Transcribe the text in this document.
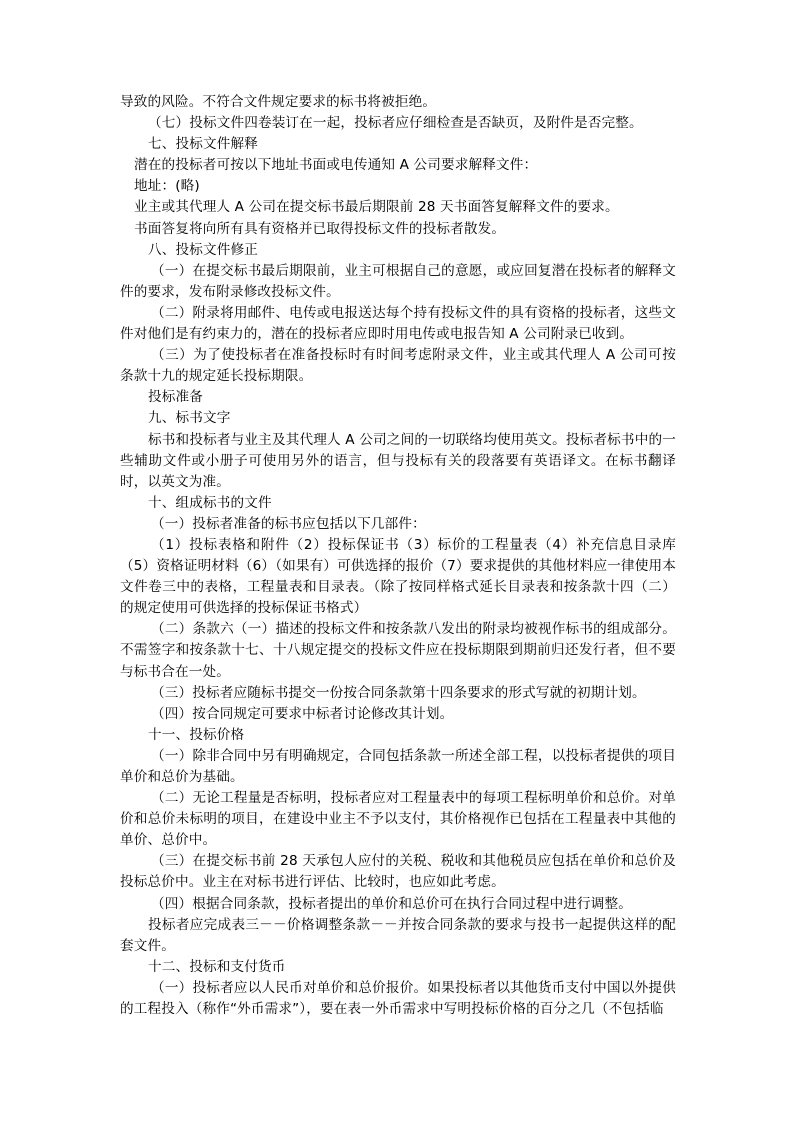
导致的风险。不符合文件规定要求的标书将被拒绝。

（七）投标文件四卷装订在一起，投标者应仔细检查是否缺页，及附件是否完整。

七、投标文件解释

潜在的投标者可按以下地址书面或电传通知 A 公司要求解释文件：

地址：(略)

业主或其代理人 A 公司在提交标书最后期限前 28 天书面答复解释文件的要求。

书面答复将向所有具有资格并已取得投标文件的投标者散发。

八、投标文件修正

（一）在提交标书最后期限前，业主可根据自己的意愿，或应回复潜在投标者的解释文件的要求，发布附录修改投标文件。

（二）附录将用邮件、电传或电报送达每个持有投标文件的具有资格的投标者，这些文件对他们是有约束力的，潜在的投标者应即时用电传或电报告知 A 公司附录已收到。

（三）为了使投标者在准备投标时有时间考虑附录文件，业主或其代理人 A 公司可按条款十九的规定延长投标期限。

投标准备

九、标书文字

标书和投标者与业主及其代理人 A 公司之间的一切联络均使用英文。投标者标书中的一些辅助文件或小册子可使用另外的语言，但与投标有关的段落要有英语译文。在标书翻译时，以英文为准。

十、组成标书的文件

（一）投标者准备的标书应包括以下几部件：

（1）投标表格和附件（2）投标保证书（3）标价的工程量表（4）补充信息目录库（5）资格证明材料（6）（如果有）可供选择的报价（7）要求提供的其他材料应一律使用本文件卷三中的表格，工程量表和目录表。（除了按同样格式延长目录表和按条款十四（二）的规定使用可供选择的投标保证书格式）

（二）条款六（一）描述的投标文件和按条款八发出的附录均被视作标书的组成部分。不需签字和按条款十七、十八规定提交的投标文件应在投标期限到期前归还发行者，但不要与标书合在一处。

（三）投标者应随标书提交一份按合同条款第十四条要求的形式写就的初期计划。

（四）按合同规定可要求中标者讨论修改其计划。

十一、投标价格

（一）除非合同中另有明确规定，合同包括条款一所述全部工程，以投标者提供的项目单价和总价为基础。

（二）无论工程量是否标明，投标者应对工程量表中的每项工程标明单价和总价。对单价和总价未标明的项目，在建设中业主不予以支付，其价格视作已包括在工程量表中其他的单价、总价中。

（三）在提交标书前 28 天承包人应付的关税、税收和其他税员应包括在单价和总价及投标总价中。业主在对标书进行评估、比较时，也应如此考虑。

（四）根据合同条款，投标者提出的单价和总价可在执行合同过程中进行调整。

投标者应完成表三－－价格调整条款－－并按合同条款的要求与投书一起提供这样的配套文件。

十二、投标和支付货币

（一）投标者应以人民币对单价和总价报价。如果投标者以其他货币支付中国以外提供的工程投入（称作“外币需求”），要在表一外币需求中写明投标价格的百分之几（不包括临
